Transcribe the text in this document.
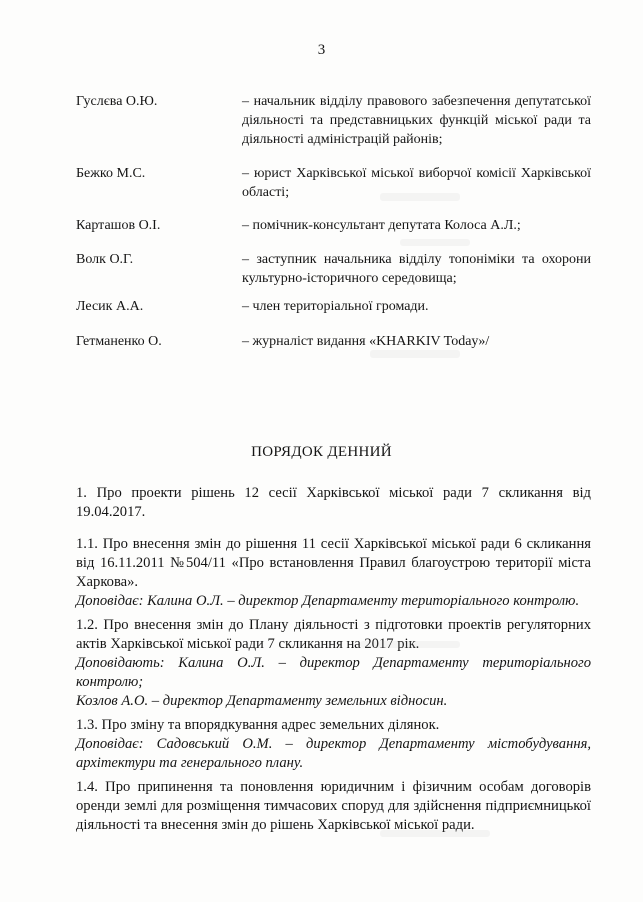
3
Гуслєва О.Ю.	– начальник відділу правового забезпечення депутатської діяльності та представницьких функцій міської ради та діяльності адміністрацій районів;
Бежко М.С.	– юрист Харківської міської виборчої комісії Харківської області;
Карташов О.І.	– помічник-консультант депутата Колоса А.Л.;
Волк О.Г.	– заступник начальника відділу топоніміки та охорони культурно-історичного середовища;
Лесик А.А.	– член територіальної громади.
Гетманенко О.	– журналіст видання «KHARKIV Today»/
ПОРЯДОК ДЕННИЙ
1. Про проекти рішень 12 сесії Харківської міської ради 7 скликання від 19.04.2017.
1.1. Про внесення змін до рішення 11 сесії Харківської міської ради 6 скликання від 16.11.2011 №504/11 «Про встановлення Правил благоустрою території міста Харкова».
Доповідає: Калина О.Л. – директор Департаменту територіального контролю.
1.2. Про внесення змін до Плану діяльності з підготовки проектів регуляторних актів Харківської міської ради 7 скликання на 2017 рік.
Доповідають: Калина О.Л. – директор Департаменту територіального контролю;
Козлов А.О. – директор Департаменту земельних відносин.
1.3. Про зміну та впорядкування адрес земельних ділянок.
Доповідає: Садовський О.М. – директор Департаменту містобудування, архітектури та генерального плану.
1.4. Про припинення та поновлення юридичним і фізичним особам договорів оренди землі для розміщення тимчасових споруд для здійснення підприємницької діяльності та внесення змін до рішень Харківської міської ради.
